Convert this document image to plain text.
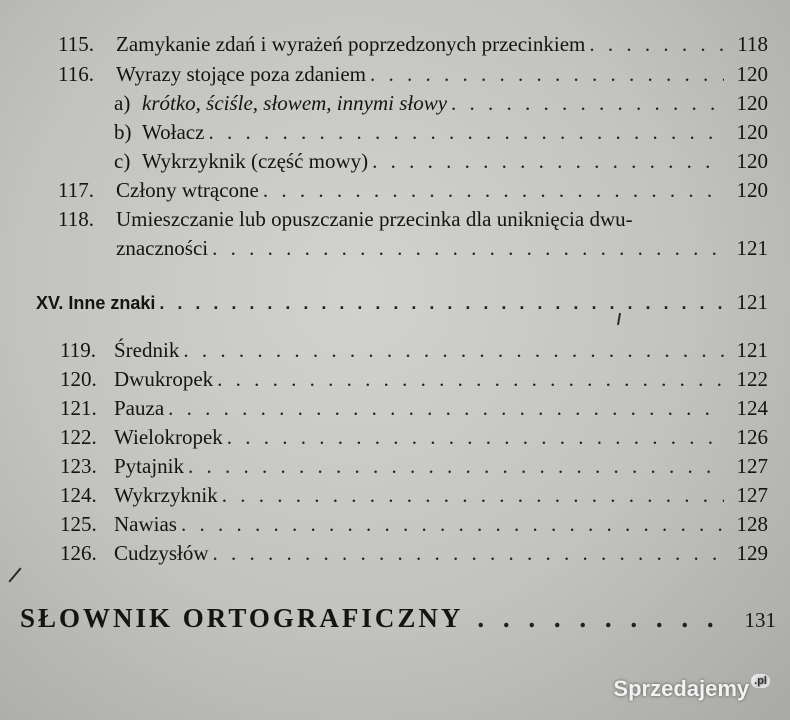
115.	Zamykanie zdań i wyrażeń poprzedzonych przecinkiem . . .	118
116.	Wyrazy stojące poza zdaniem . . .	120
a) krótko, ściśle, słowem, innymi słowy . . .	120
b) Wołacz . . .	120
c) Wykrzyknik (część mowy) . . .	120
117.	Człony wtrącone . . .	120
118.	Umieszczanie lub opuszczanie przecinka dla uniknięcia dwu-
znaczności . . .	121
XV. Inne znaki . . .	121
119. Średnik . . .	121
120. Dwukropek . . .	122
121. Pauza . . .	124
122. Wielokropek . . .	126
123. Pytajnik . . .	127
124. Wykrzyknik . . .	127
125. Nawias . . .	128
126. Cudzysłów . . .	129
SŁOWNIK ORTOGRAFICZNY . . .	131
Sprzedajemy .pl
